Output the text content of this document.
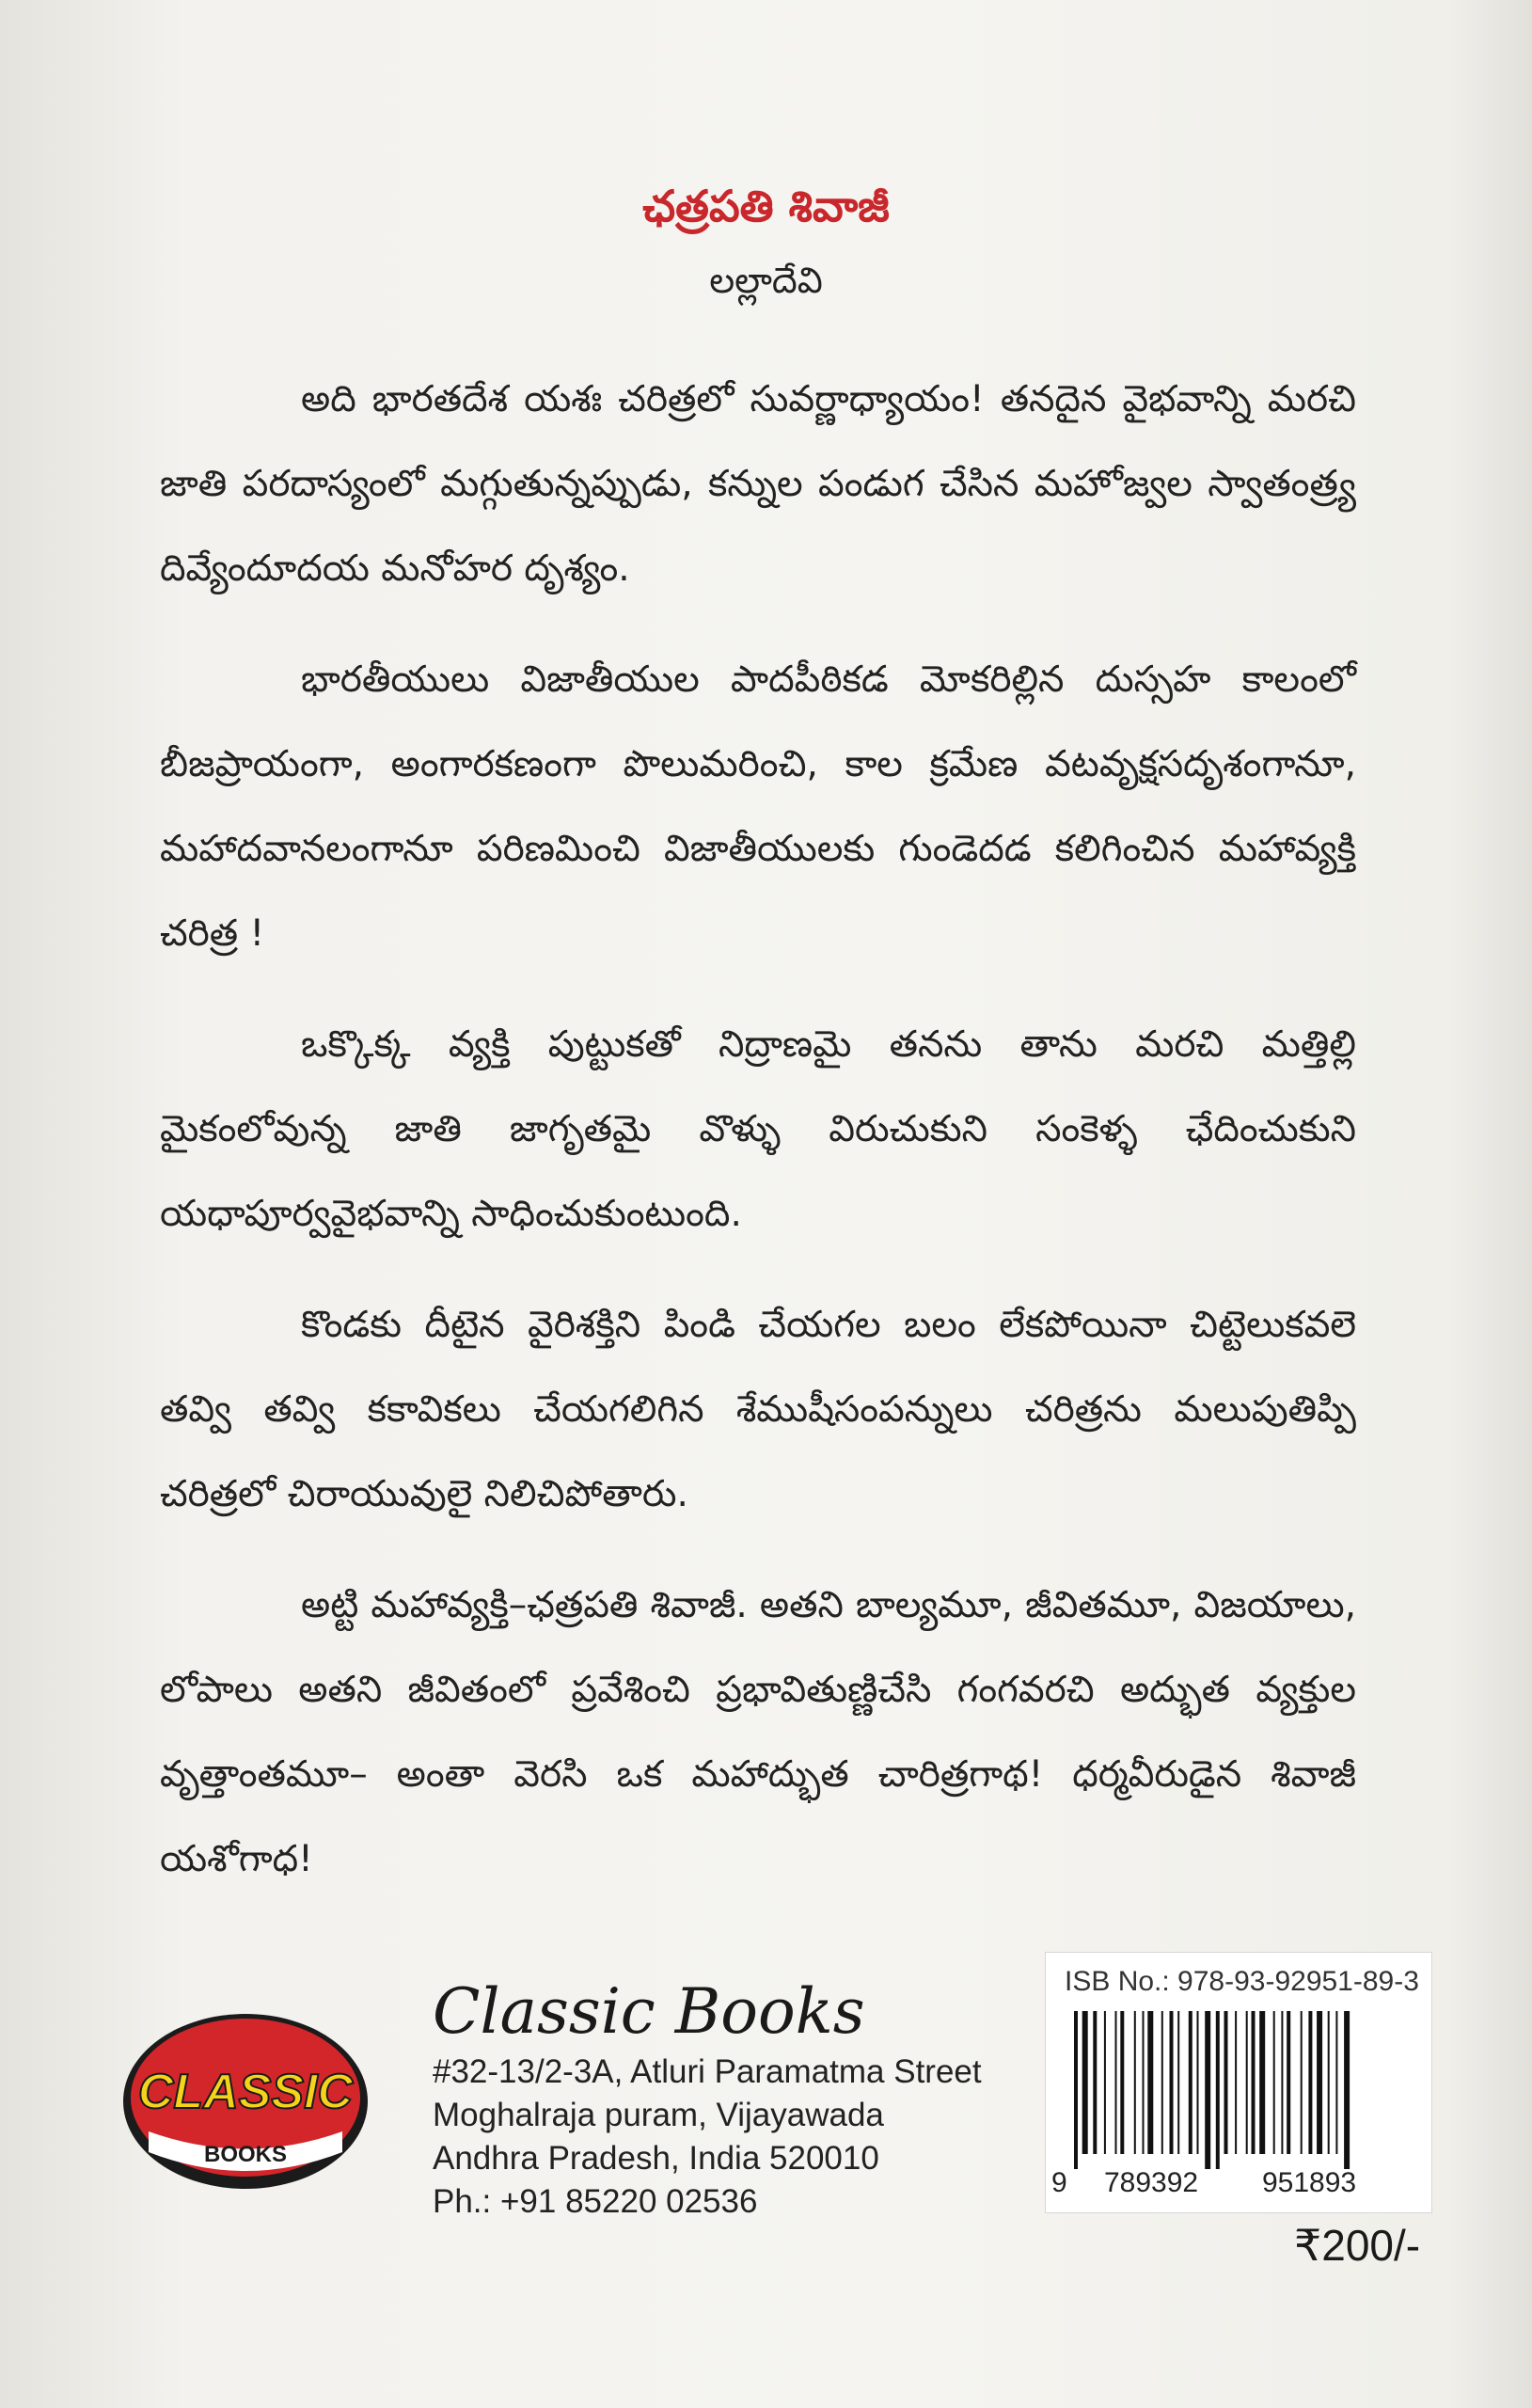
ఛత్రపతి శివాజీ
లల్లాదేవి

అది భారతదేశ యశః చరిత్రలో సువర్ణాధ్యాయం! తనదైన వైభవాన్ని మరచి జాతి పరదాస్యంలో మగ్గుతున్నప్పుడు, కన్నుల పండుగ చేసిన మహోజ్వల స్వాతంత్ర్య దివ్యేందూదయ మనోహర దృశ్యం.

భారతీయులు విజాతీయుల పాదపీఠికడ మోకరిల్లిన దుస్సహ కాలంలో బీజప్రాయంగా, అంగారకణంగా పొలుమరించి, కాల క్రమేణ వటవృక్షసదృశంగానూ, మహాదవానలంగానూ పరిణమించి విజాతీయులకు గుండెదడ కలిగించిన మహావ్యక్తి చరిత్ర !

ఒక్కొక్క వ్యక్తి పుట్టుకతో నిద్రాణమై తనను తాను మరచి మత్తిల్లి మైకంలోవున్న జాతి జాగృతమై వొళ్ళు విరుచుకుని సంకెళ్ళ ఛేదించుకుని యధాపూర్వవైభవాన్ని సాధించుకుంటుంది.

కొండకు దీటైన వైరిశక్తిని పిండి చేయగల బలం లేకపోయినా చిట్టెలుకవలె తవ్వి తవ్వి కకావికలు చేయగలిగిన శేముషీసంపన్నులు చరిత్రను మలుపుతిప్పి చరిత్రలో చిరాయువులై నిలిచిపోతారు.

అట్టి మహావ్యక్తి–ఛత్రపతి శివాజీ. అతని బాల్యమూ, జీవితమూ, విజయాలు, లోపాలు అతని జీవితంలో ప్రవేశించి ప్రభావితుణ్ణిచేసి గంగవరచి అద్భుత వ్యక్తుల వృత్తాంతమూ– అంతా వెరసి ఒక మహాద్భుత చారిత్రగాథ! ధర్మవీరుడైన శివాజీ యశోగాధ!

CLASSIC
BOOKS
Classic Books
#32-13/2-3A, Atluri Paramatma Street
Moghalraja puram, Vijayawada
Andhra Pradesh, India 520010
Ph.: +91 85220 02536
ISB No.: 978-93-92951-89-3
9 789392 951893
₹200/-
